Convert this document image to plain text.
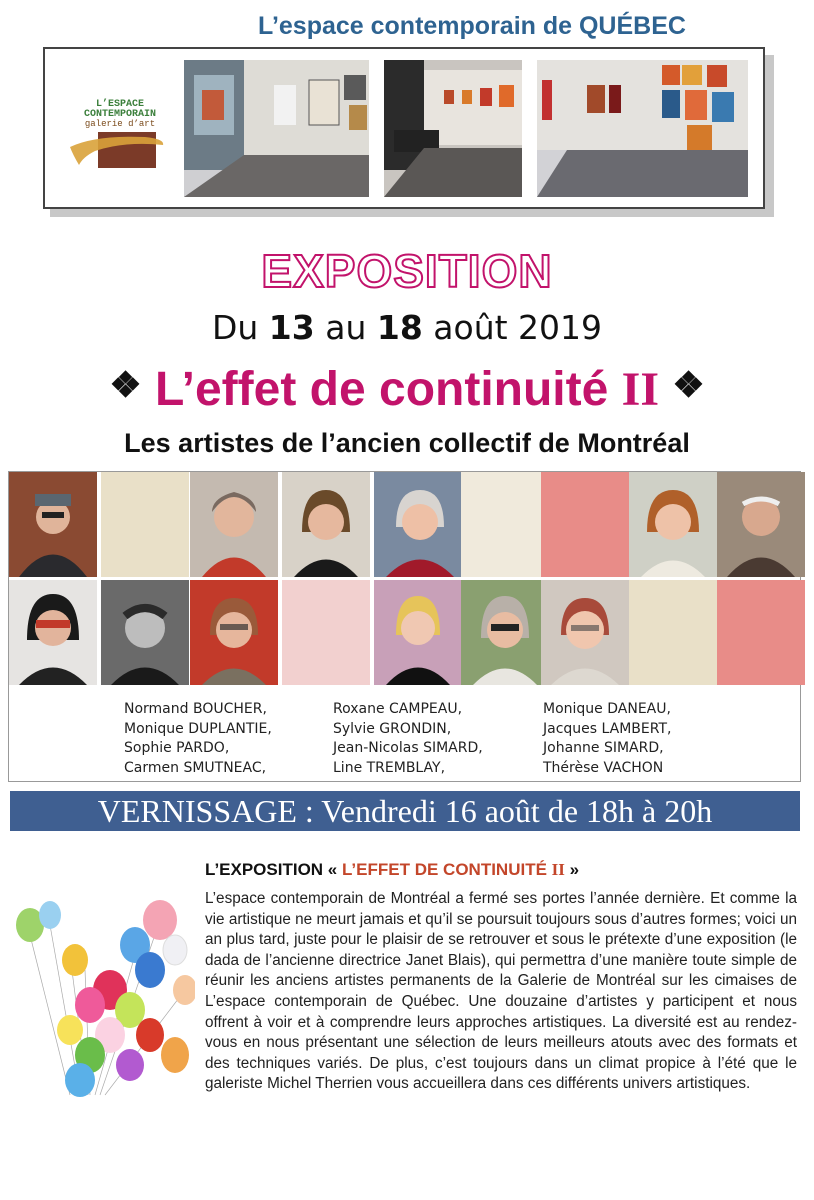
L’espace contemporain de QUÉBEC
L’ESPACE
CONTEMPORAIN
galerie d’art
EXPOSITION
Du 13 au 18 août 2019
❖ L’effet de continuité II ❖
Les artistes de l’ancien collectif de Montréal
Normand BOUCHER,
Monique DUPLANTIE,
Sophie PARDO,
Carmen SMUTNEAC,
Roxane CAMPEAU,
Sylvie GRONDIN,
Jean-Nicolas SIMARD,
Line TREMBLAY,
Monique DANEAU,
Jacques LAMBERT,
Johanne SIMARD,
Thérèse VACHON
VERNISSAGE : Vendredi 16 août de 18h à 20h
L’EXPOSITION « L’EFFET DE CONTINUITÉ II »
L’espace contemporain de Montréal a fermé ses portes l’année dernière. Et comme la vie artistique ne meurt jamais et qu’il se poursuit toujours sous d’autres formes; voici un an plus tard, juste pour le plaisir de se retrouver et sous le prétexte d’une exposition (le dada de l’ancienne directrice Janet Blais), qui permettra d’une manière toute simple de réunir les anciens artistes permanents de la Galerie de Montréal sur les cimaises de L’espace contemporain de Québec. Une douzaine d’artistes y participent et nous offrent à voir et à comprendre leurs approches artistiques. La diversité est au rendez-vous en nous présentant une sélection de leurs meilleurs atouts avec des formats et des techniques variés. De plus, c’est toujours dans un climat propice à l’été que le galeriste Michel Therrien vous accueillera dans ces différents univers artistiques.
